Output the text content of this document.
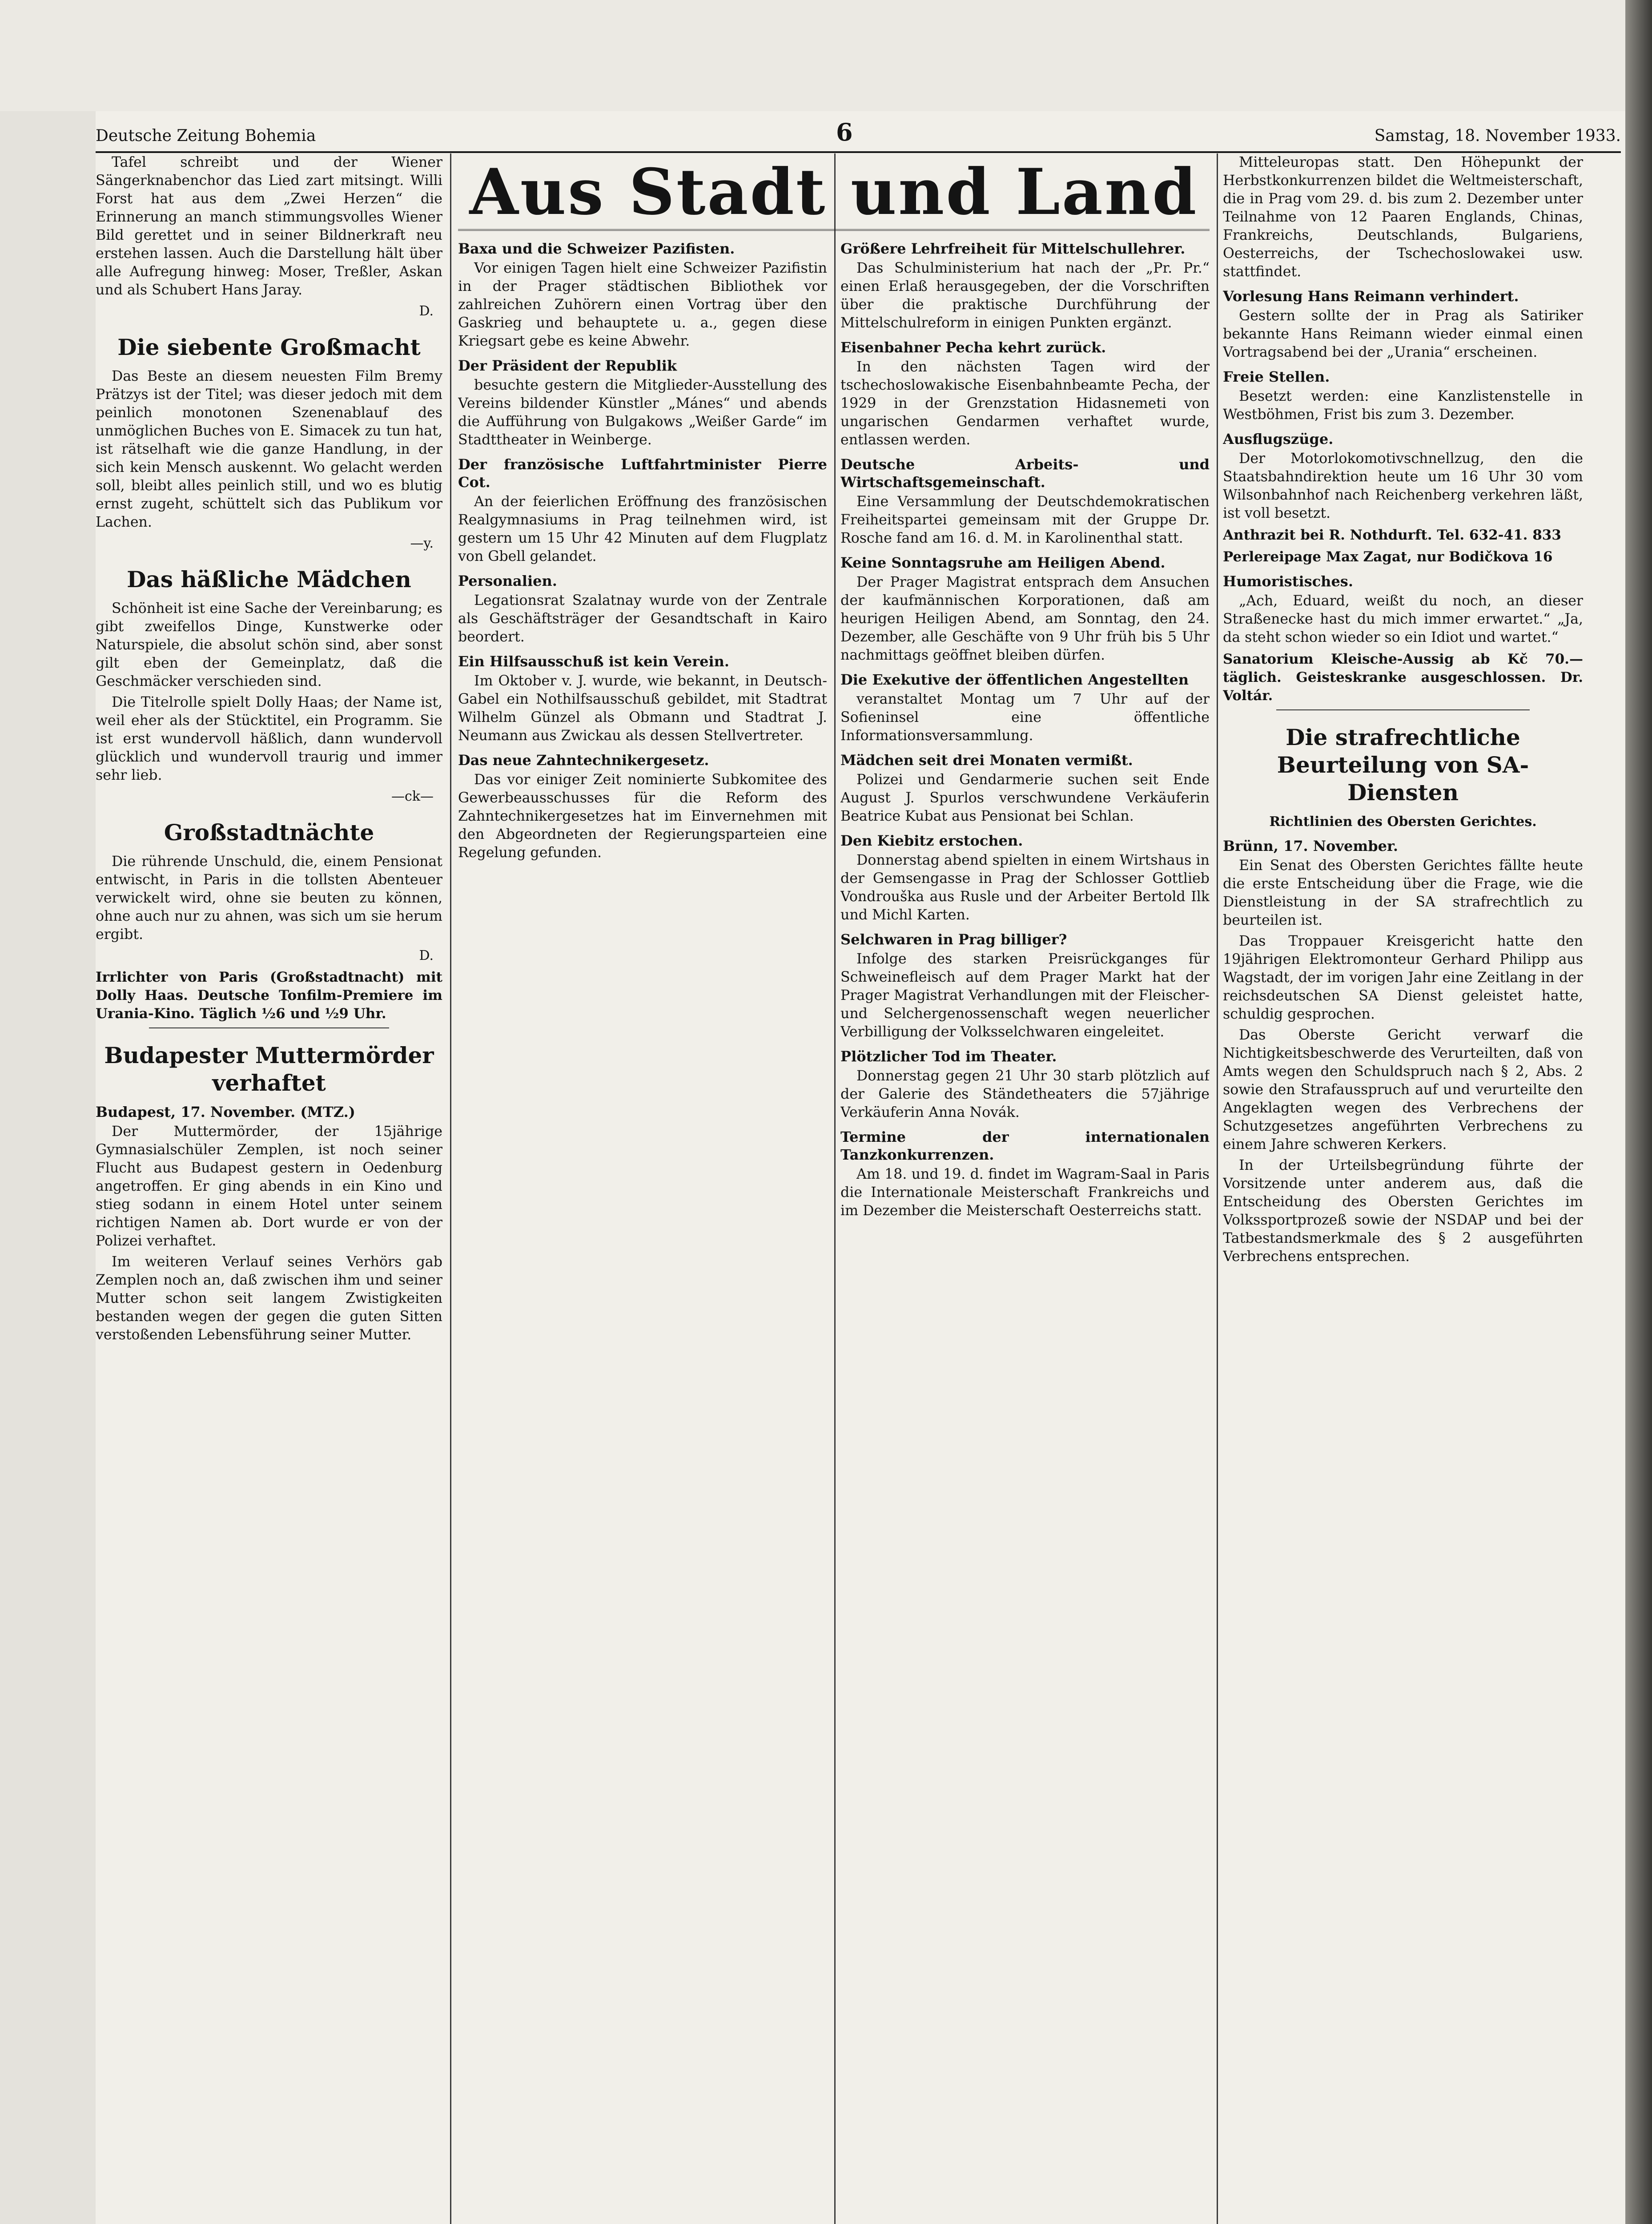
Deutsche Zeitung Bohemia	6	Samstag, 18. November 1933.
Aus Stadt und Land

Tafel schreibt und der Wiener Sängerknabenchor das Lied zart mitsingt. Willi Forst hat aus dem „Zwei Herzen“ die Erinnerung an manch stimmungsvolles Wiener Bild gerettet und in seiner Bildnerkraft neu erstehen lassen. Auch die Darstellung hält über alle Aufregung hinweg: Moser, Treßler, Askan und als Schubert Hans Jaray.

D.
Die siebente Großmacht

Das Beste an diesem neuesten Film Bremy Prätzys ist der Titel; was dieser jedoch mit dem peinlich monotonen Szenenablauf des unmöglichen Buches von E. Simacek zu tun hat, ist rätselhaft wie die ganze Handlung, in der sich kein Mensch auskennt. Wo gelacht werden soll, bleibt alles peinlich still, und wo es blutig ernst zugeht, schüttelt sich das Publikum vor Lachen.

—y.
Das häßliche Mädchen

Schönheit ist eine Sache der Vereinbarung; es gibt zweifellos Dinge, Kunstwerke oder Naturspiele, die absolut schön sind, aber sonst gilt eben der Gemeinplatz, daß die Geschmäcker verschieden sind.

Die Titelrolle spielt Dolly Haas; der Name ist, weil eher als der Stücktitel, ein Programm. Sie ist erst wundervoll häßlich, dann wundervoll glücklich und wundervoll traurig und immer sehr lieb.

—ck—
Großstadtnächte

Die rührende Unschuld, die, einem Pensionat entwischt, in Paris in die tollsten Abenteuer verwickelt wird, ohne sie beuten zu können, ohne auch nur zu ahnen, was sich um sie herum ergibt.

D.
Irrlichter von Paris (Großstadtnacht) mit Dolly Haas. Deutsche Tonfilm-Premiere im Urania-Kino. Täglich ½6 und ½9 Uhr.
Budapester Muttermörder verhaftet
Budapest, 17. November. (MTZ.)

Der Muttermörder, der 15jährige Gymnasialschüler Zemplen, ist noch seiner Flucht aus Budapest gestern in Oedenburg angetroffen. Er ging abends in ein Kino und stieg sodann in einem Hotel unter seinem richtigen Namen ab. Dort wurde er von der Polizei verhaftet.

Im weiteren Verlauf seines Verhörs gab Zemplen noch an, daß zwischen ihm und seiner Mutter schon seit langem Zwistigkeiten bestanden wegen der gegen die guten Sitten verstoßenden Lebensführung seiner Mutter.

Baxa und die Schweizer Pazifisten.

Vor einigen Tagen hielt eine Schweizer Pazifistin in der Prager städtischen Bibliothek vor zahlreichen Zuhörern einen Vortrag über den Gaskrieg und behauptete u. a., gegen diese Kriegsart gebe es keine Abwehr.

Der Präsident der Republik

besuchte gestern die Mitglieder-Ausstellung des Vereins bildender Künstler „Mánes“ und abends die Aufführung von Bulgakows „Weißer Garde“ im Stadttheater in Weinberge.

Der französische Luftfahrtminister Pierre Cot.

An der feierlichen Eröffnung des französischen Realgymnasiums in Prag teilnehmen wird, ist gestern um 15 Uhr 42 Minuten auf dem Flugplatz von Gbell gelandet.

Personalien.

Legationsrat Szalatnay wurde von der Zentrale als Geschäftsträger der Gesandtschaft in Kairo beordert.

Ein Hilfsausschuß ist kein Verein.

Im Oktober v. J. wurde, wie bekannt, in Deutsch-Gabel ein Nothilfsausschuß gebildet, mit Stadtrat Wilhelm Günzel als Obmann und Stadtrat J. Neumann aus Zwickau als dessen Stellvertreter.

Das neue Zahntechnikergesetz.

Das vor einiger Zeit nominierte Subkomitee des Gewerbeausschusses für die Reform des Zahntechnikergesetzes hat im Einvernehmen mit den Abgeordneten der Regierungsparteien eine Regelung gefunden.

Größere Lehrfreiheit für Mittelschullehrer.

Das Schulministerium hat nach der „Pr. Pr.“ einen Erlaß herausgegeben, der die Vorschriften über die praktische Durchführung der Mittelschulreform in einigen Punkten ergänzt.

Eisenbahner Pecha kehrt zurück.

In den nächsten Tagen wird der tschechoslowakische Eisenbahnbeamte Pecha, der 1929 in der Grenzstation Hidasnemeti von ungarischen Gendarmen verhaftet wurde, entlassen werden.

Deutsche Arbeits- und Wirtschaftsgemeinschaft.

Eine Versammlung der Deutschdemokratischen Freiheitspartei gemeinsam mit der Gruppe Dr. Rosche fand am 16. d. M. in Karolinenthal statt.

Keine Sonntagsruhe am Heiligen Abend.

Der Prager Magistrat entsprach dem Ansuchen der kaufmännischen Korporationen, daß am heurigen Heiligen Abend, am Sonntag, den 24. Dezember, alle Geschäfte von 9 Uhr früh bis 5 Uhr nachmittags geöffnet bleiben dürfen.

Die Exekutive der öffentlichen Angestellten

veranstaltet Montag um 7 Uhr auf der Sofieninsel eine öffentliche Informationsversammlung.

Mädchen seit drei Monaten vermißt.

Polizei und Gendarmerie suchen seit Ende August J. Spurlos verschwundene Verkäuferin Beatrice Kubat aus Pensionat bei Schlan.

Den Kiebitz erstochen.

Donnerstag abend spielten in einem Wirtshaus in der Gemsengasse in Prag der Schlosser Gottlieb Vondrouška aus Rusle und der Arbeiter Bertold Ilk und Michl Karten.

Selchwaren in Prag billiger?

Infolge des starken Preisrückganges für Schweinefleisch auf dem Prager Markt hat der Prager Magistrat Verhandlungen mit der Fleischer- und Selchergenossenschaft wegen neuerlicher Verbilligung der Volksselchwaren eingeleitet.

Plötzlicher Tod im Theater.

Donnerstag gegen 21 Uhr 30 starb plötzlich auf der Galerie des Ständetheaters die 57jährige Verkäuferin Anna Novák.

Termine der internationalen Tanzkonkurrenzen.

Am 18. und 19. d. findet im Wagram-Saal in Paris die Internationale Meisterschaft Frankreichs und im Dezember die Meisterschaft Oesterreichs statt.

Mitteleuropas statt. Den Höhepunkt der Herbstkonkurrenzen bildet die Weltmeisterschaft, die in Prag vom 29. d. bis zum 2. Dezember unter Teilnahme von 12 Paaren Englands, Chinas, Frankreichs, Deutschlands, Bulgariens, Oesterreichs, der Tschechoslowakei usw. stattfindet.

Vorlesung Hans Reimann verhindert.

Gestern sollte der in Prag als Satiriker bekannte Hans Reimann wieder einmal einen Vortragsabend bei der „Urania“ erscheinen.

Freie Stellen.

Besetzt werden: eine Kanzlistenstelle in Westböhmen, Frist bis zum 3. Dezember.

Ausflugszüge.

Der Motorlokomotivschnellzug, den die Staatsbahndirektion heute um 16 Uhr 30 vom Wilsonbahnhof nach Reichenberg verkehren läßt, ist voll besetzt.

Anthrazit bei R. Nothdurft. Tel. 632-41. 833
Perlereipage Max Zagat, nur Bodičkova 16
Humoristisches.

„Ach, Eduard, weißt du noch, an dieser Straßenecke hast du mich immer erwartet.“ „Ja, da steht schon wieder so ein Idiot und wartet.“

Sanatorium Kleische-Aussig ab Kč 70.— täglich. Geisteskranke ausgeschlossen. Dr. Voltár.
Die strafrechtliche Beurteilung von SA-Diensten
Richtlinien des Obersten Gerichtes.
Brünn, 17. November.

Ein Senat des Obersten Gerichtes fällte heute die erste Entscheidung über die Frage, wie die Dienstleistung in der SA strafrechtlich zu beurteilen ist.

Das Troppauer Kreisgericht hatte den 19jährigen Elektromonteur Gerhard Philipp aus Wagstadt, der im vorigen Jahr eine Zeitlang in der reichsdeutschen SA Dienst geleistet hatte, schuldig gesprochen.

Das Oberste Gericht verwarf die Nichtigkeitsbeschwerde des Verurteilten, daß von Amts wegen den Schuldspruch nach § 2, Abs. 2 sowie den Strafausspruch auf und verurteilte den Angeklagten wegen des Verbrechens der Schutzgesetzes angeführten Verbrechens zu einem Jahre schweren Kerkers.

In der Urteilsbegründung führte der Vorsitzende unter anderem aus, daß die Entscheidung des Obersten Gerichtes im Volkssportprozeß sowie der NSDAP und bei der Tatbestandsmerkmale des § 2 ausgeführten Verbrechens entsprechen.
